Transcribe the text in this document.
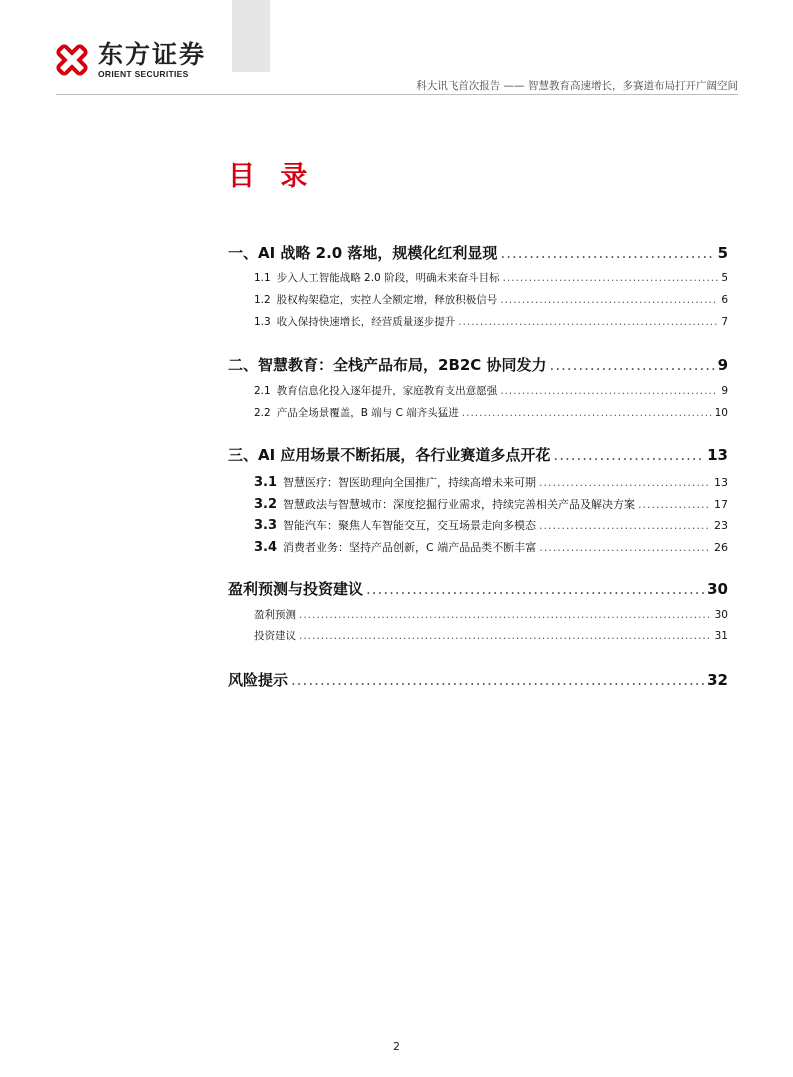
东方证券
ORIENT SECURITIES
科大讯飞首次报告 —— 智慧教育高速增长，多赛道布局打开广阔空间
目 录
一、AI 战略 2.0 落地，规模化红利显现 .....	5
1.1 步入人工智能战略 2.0 阶段，明确未来奋斗目标 .....	5
1.2 股权构架稳定，实控人全额定增，释放积极信号 .....	6
1.3 收入保持快速增长，经营质量逐步提升 .....	7
二、智慧教育：全栈产品布局，2B2C 协同发力 .....	9
2.1 教育信息化投入逐年提升，家庭教育支出意愿强 .....	9
2.2 产品全场景覆盖，B 端与 C 端齐头猛进 .....	10
三、AI 应用场景不断拓展，各行业赛道多点开花 .....	13
3.1 智慧医疗：智医助理向全国推广，持续高增未来可期 .....	13
3.2 智慧政法与智慧城市：深度挖掘行业需求，持续完善相关产品及解决方案 .....	17
3.3 智能汽车：聚焦人车智能交互，交互场景走向多模态 .....	23
3.4 消费者业务：坚持产品创新，C 端产品品类不断丰富 .....	26
盈利预测与投资建议 .....	30
盈利预测 .....	30
投资建议 .....	31
风险提示 .....	32
2
